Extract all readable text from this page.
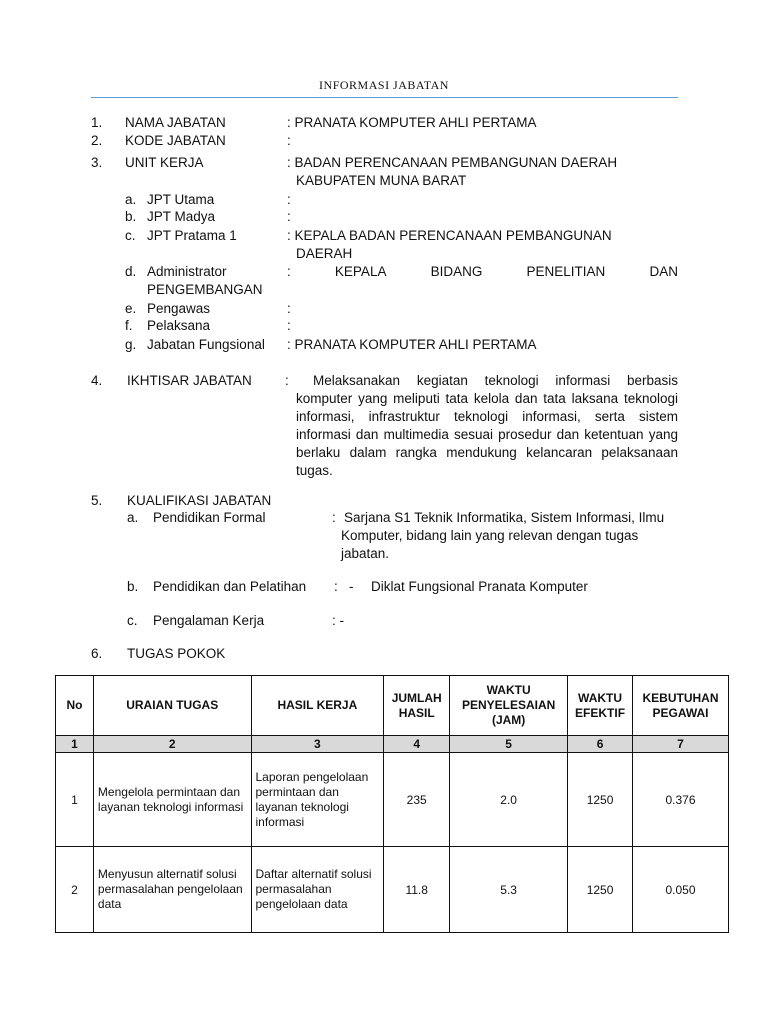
INFORMASI JABATAN
1. NAMA JABATAN	: PRANATA KOMPUTER AHLI PERTAMA
2. KODE JABATAN	:
3. UNIT KERJA	: BADAN PERENCANAAN PEMBANGUNAN DAERAH
KABUPATEN MUNA BARAT
a. JPT Utama	:
b. JPT Madya	:
c. JPT Pratama 1	: KEPALA BADAN PERENCANAAN PEMBANGUNAN
DAERAH
d. Administrator	:	KEPALA	BIDANG	PENELITIAN	DAN
PENGEMBANGAN
e. Pengawas	:
f. Pelaksana	:
g. Jabatan Fungsional : PRANATA KOMPUTER AHLI PERTAMA
4. IKHTISAR JABATAN :	Melaksanakan kegiatan teknologi informasi berbasis komputer yang meliputi tata kelola dan tata laksana teknologi informasi, infrastruktur teknologi informasi, serta sistem informasi dan multimedia sesuai prosedur dan ketentuan yang berlaku dalam rangka mendukung kelancaran pelaksanaan tugas.
5. KUALIFIKASI JABATAN
a. Pendidikan Formal	: Sarjana S1 Teknik Informatika, Sistem Informasi, Ilmu Komputer, bidang lain yang relevan dengan tugas jabatan.
b. Pendidikan dan Pelatihan : - Diklat Fungsional Pranata Komputer
c. Pengalaman Kerja	: -
6. TUGAS POKOK
No	URAIAN TUGAS	HASIL KERJA	JUMLAH HASIL	WAKTU PENYELESAIAN (JAM)	WAKTU EFEKTIF	KEBUTUHAN PEGAWAI
1	2	3	4	5	6	7
1	Mengelola permintaan dan layanan teknologi informasi	Laporan pengelolaan permintaan dan layanan teknologi informasi	235	2.0	1250	0.376
2	Menyusun alternatif solusi permasalahan pengelolaan data	Daftar alternatif solusi permasalahan pengelolaan data	11.8	5.3	1250	0.050
